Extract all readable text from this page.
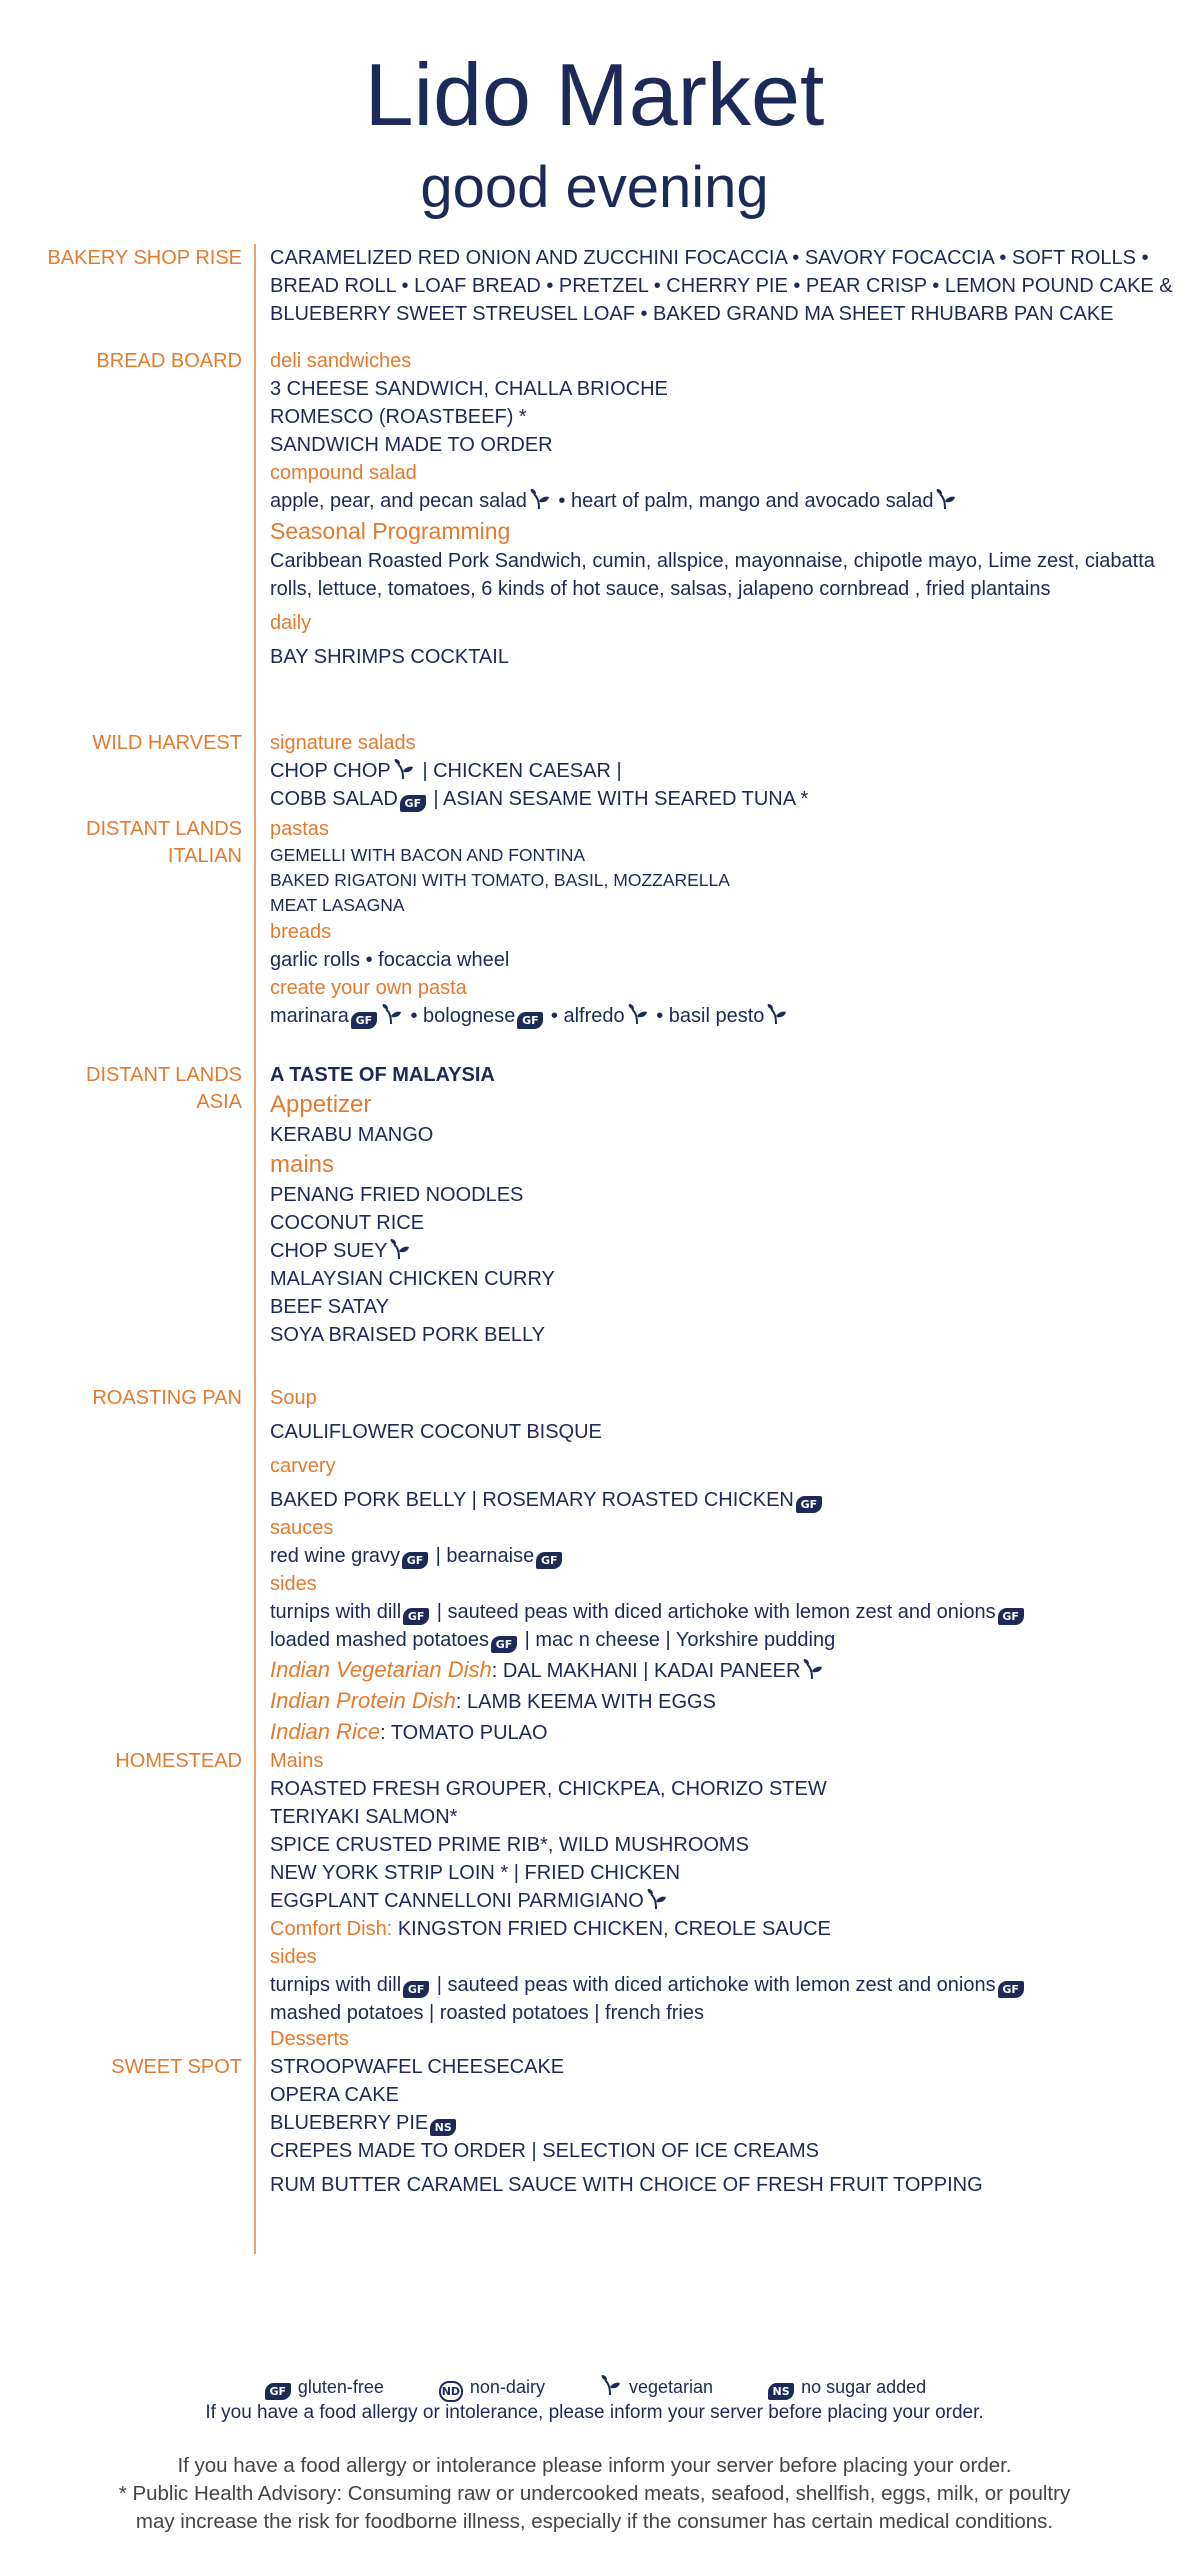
Lido Market
good evening
BAKERY SHOP RISE CARAMELIZED RED ONION AND ZUCCHINI FOCACCIA • SAVORY FOCACCIA • SOFT ROLLS •
BREAD ROLL • LOAF BREAD • PRETZEL • CHERRY PIE • PEAR CRISP • LEMON POUND CAKE &
BLUEBERRY SWEET STREUSEL LOAF • BAKED GRAND MA SHEET RHUBARB PAN CAKE
BREAD BOARD deli sandwiches
3 CHEESE SANDWICH, CHALLA BRIOCHE
ROMESCO (ROASTBEEF) *
SANDWICH MADE TO ORDER
compound salad
apple, pear, and pecan salad • heart of palm, mango and avocado salad
Seasonal Programming
Caribbean Roasted Pork Sandwich, cumin, allspice, mayonnaise, chipotle mayo, Lime zest, ciabatta rolls, lettuce, tomatoes, 6 kinds of hot sauce, salsas, jalapeno cornbread , fried plantains
daily
BAY SHRIMPS COCKTAIL
WILD HARVEST signature salads
CHOP CHOP | CHICKEN CAESAR |
COBB SALAD GF | ASIAN SESAME WITH SEARED TUNA *
DISTANT LANDS
ITALIAN
pastas
GEMELLI WITH BACON AND FONTINA
BAKED RIGATONI WITH TOMATO, BASIL, MOZZARELLA
MEAT LASAGNA
breads
garlic rolls • focaccia wheel
create your own pasta
marinara GF • bolognese GF • alfredo • basil pesto
DISTANT LANDS
ASIA
A TASTE OF MALAYSIA
Appetizer
KERABU MANGO
mains
PENANG FRIED NOODLES
COCONUT RICE
CHOP SUEY
MALAYSIAN CHICKEN CURRY
BEEF SATAY
SOYA BRAISED PORK BELLY
ROASTING PAN Soup
CAULIFLOWER COCONUT BISQUE
carvery
BAKED PORK BELLY | ROSEMARY ROASTED CHICKEN GF
sauces
red wine gravy GF | bearnaise GF
sides
turnips with dill GF | sauteed peas with diced artichoke with lemon zest and onions GF
loaded mashed potatoes GF | mac n cheese | Yorkshire pudding
Indian Vegetarian Dish: DAL MAKHANI | KADAI PANEER
Indian Protein Dish: LAMB KEEMA WITH EGGS
Indian Rice: TOMATO PULAO
HOMESTEAD Mains
ROASTED FRESH GROUPER, CHICKPEA, CHORIZO STEW
TERIYAKI SALMON*
SPICE CRUSTED PRIME RIB*, WILD MUSHROOMS
NEW YORK STRIP LOIN * | FRIED CHICKEN
EGGPLANT CANNELLONI PARMIGIANO
Comfort Dish: KINGSTON FRIED CHICKEN, CREOLE SAUCE
sides
turnips with dill GF | sauteed peas with diced artichoke with lemon zest and onions GF
mashed potatoes | roasted potatoes | french fries
SWEET SPOT
Desserts
STROOPWAFEL CHEESECAKE
OPERA CAKE
BLUEBERRY PIE NS
CREPES MADE TO ORDER | SELECTION OF ICE CREAMS
RUM BUTTER CARAMEL SAUCE WITH CHOICE OF FRESH FRUIT TOPPING
GF gluten-free	ND non-dairy	vegetarian	NS no sugar added
If you have a food allergy or intolerance, please inform your server before placing your order.
If you have a food allergy or intolerance please inform your server before placing your order.
* Public Health Advisory: Consuming raw or undercooked meats, seafood, shellfish, eggs, milk, or poultry
may increase the risk for foodborne illness, especially if the consumer has certain medical conditions.
